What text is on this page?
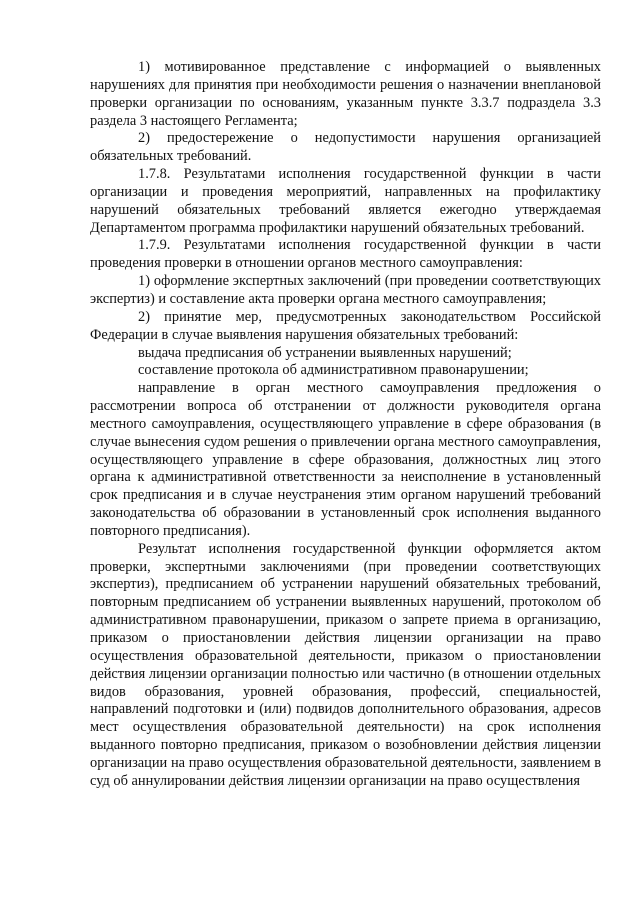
1) мотивированное представление с информацией о выявленных нарушениях для принятия при необходимости решения о назначении внеплановой проверки организации по основаниям, указанным пункте 3.3.7 подраздела 3.3 раздела 3 настоящего Регламента;

2) предостережение о недопустимости нарушения организацией обязательных требований.

1.7.8. Результатами исполнения государственной функции в части организации и проведения мероприятий, направленных на профилактику нарушений обязательных требований является ежегодно утверждаемая Департаментом программа профилактики нарушений обязательных требований.

1.7.9. Результатами исполнения государственной функции в части проведения проверки в отношении органов местного самоуправления:

1) оформление экспертных заключений (при проведении соответствующих экспертиз) и составление акта проверки органа местного самоуправления;

2) принятие мер, предусмотренных законодательством Российской Федерации в случае выявления нарушения обязательных требований:

выдача предписания об устранении выявленных нарушений;

составление протокола об административном правонарушении;

направление в орган местного самоуправления предложения о рассмотрении вопроса об отстранении от должности руководителя органа местного самоуправления, осуществляющего управление в сфере образования (в случае вынесения судом решения о привлечении органа местного самоуправления, осуществляющего управление в сфере образования, должностных лиц этого органа к административной ответственности за неисполнение в установленный срок предписания и в случае неустранения этим органом нарушений требований законодательства об образовании в установленный срок исполнения выданного повторного предписания).

Результат исполнения государственной функции оформляется актом проверки, экспертными заключениями (при проведении соответствующих экспертиз), предписанием об устранении нарушений обязательных требований, повторным предписанием об устранении выявленных нарушений, протоколом об административном правонарушении, приказом о запрете приема в организацию, приказом о приостановлении действия лицензии организации на право осуществления образовательной деятельности, приказом о приостановлении действия лицензии организации полностью или частично (в отношении отдельных видов образования, уровней образования, профессий, специальностей, направлений подготовки и (или) подвидов дополнительного образования, адресов мест осуществления образовательной деятельности) на срок исполнения выданного повторно предписания, приказом о возобновлении действия лицензии организации на право осуществления образовательной деятельности, заявлением в суд об аннулировании действия лицензии организации на право осуществления
